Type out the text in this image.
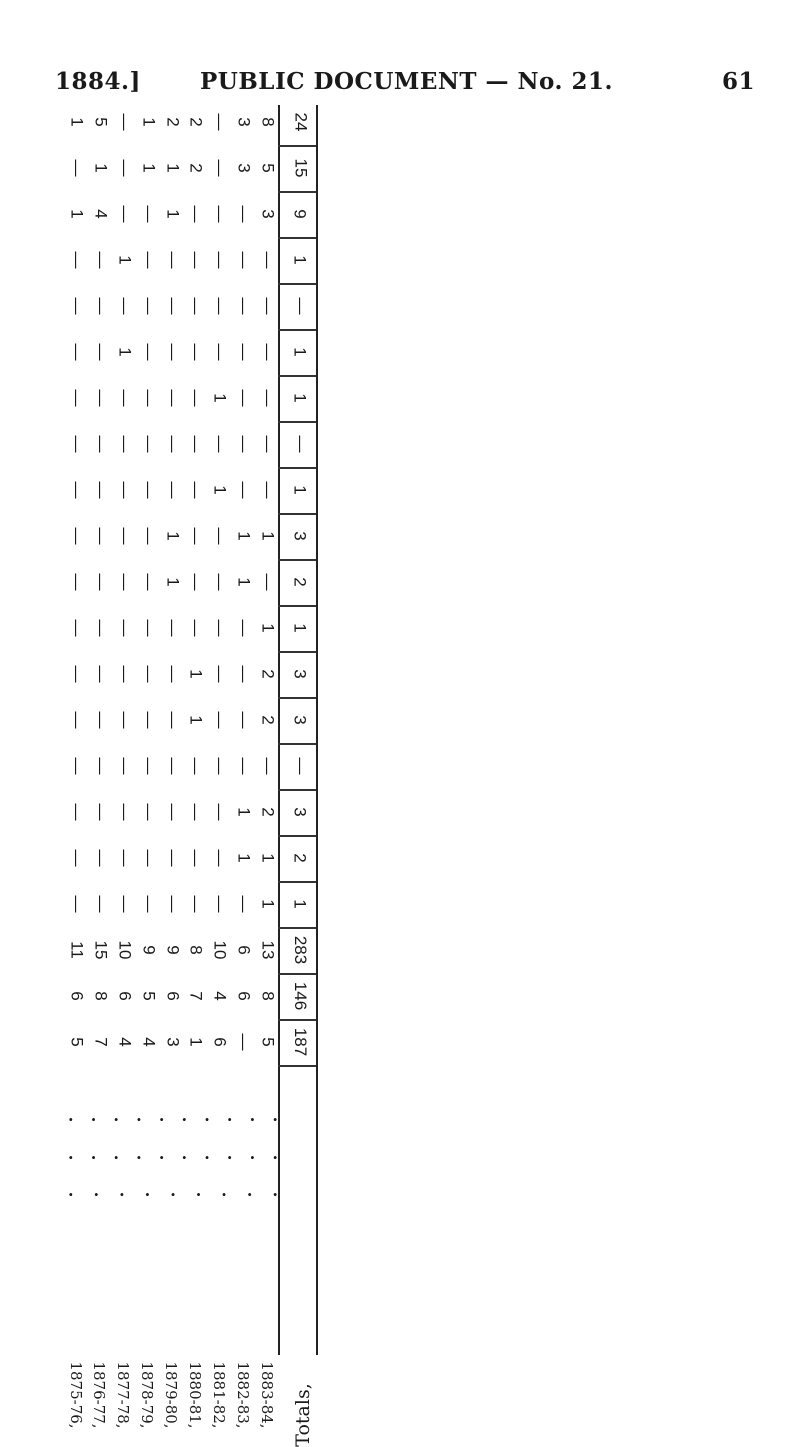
1884.]	PUBLIC DOCUMENT — No. 21.	61
1 5 — 1 2 2 — 3 8 24
— 1 — 1 1 2 — 3 5 15
1 4 — — 1 — — — 3 9
— — 1 — — — — — — 1
— — — — — — — — — —
— — 1 — — — — — — 1
— — — — — — 1 — — 1
— — — — — — — — — —
— — — — — — 1 — — 1
— — — — 1 — — 1 1 3
— — — — 1 — — 1 — 2
— — — — — — — — 1 1
— — — — — 1 — — 2 3
— — — — — 1 — — 2 3
— — — — — — — — — —
— — — — — — — 1 2 3
— — — — — — — 1 1 2
— — — — — — — — 1 1
11 15 10 9 9 8 10 6 13 283
6 8 6 5 6 7 4 6 8 146
5 7 4 4 3 1 6 — 5 187
· · · · · · · · · ·
· · · · · · · · · ·
· · · · · · · · ·
1875-76, 1876-77, 1877-78, 1878-79, 1879-80, 1880-81, 1881-82, 1882-83, 1883-84, Totals,
